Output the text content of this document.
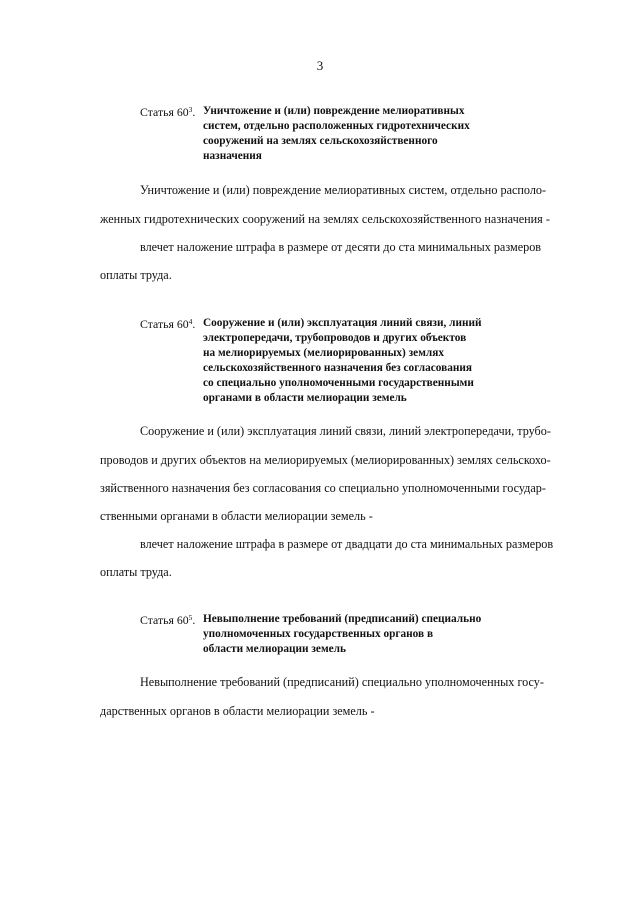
3
Статья $60^3$. Уничтожение и (или) повреждение мелиоративных
систем, отдельно расположенных гидротехнических
сооружений на землях сельскохозяйственного
назначения
Уничтожение и (или) повреждение мелиоративных систем, отдельно располо-
женных гидротехнических сооружений на землях сельскохозяйственного назначения -
влечет наложение штрафа в размере от десяти до ста минимальных размеров
оплаты труда.
Статья $60^4$. Сооружение и (или) эксплуатация линий связи, линий
электропередачи, трубопроводов и других объектов
на мелиорируемых (мелиорированных) землях
сельскохозяйственного назначения без согласования
со специально уполномоченными государственными
органами в области мелиорации земель
Сооружение и (или) эксплуатация линий связи, линий электропередачи, трубо-
проводов и других объектов на мелиорируемых (мелиорированных) землях сельскохо-
зяйственного назначения без согласования со специально уполномоченными государ-
ственными органами в области мелиорации земель -
влечет наложение штрафа в размере от двадцати до ста минимальных размеров
оплаты труда.
Статья $60^5$. Невыполнение требований (предписаний) специально
уполномоченных государственных органов в
области мелиорации земель
Невыполнение требований (предписаний) специально уполномоченных госу-
дарственных органов в области мелиорации земель -
